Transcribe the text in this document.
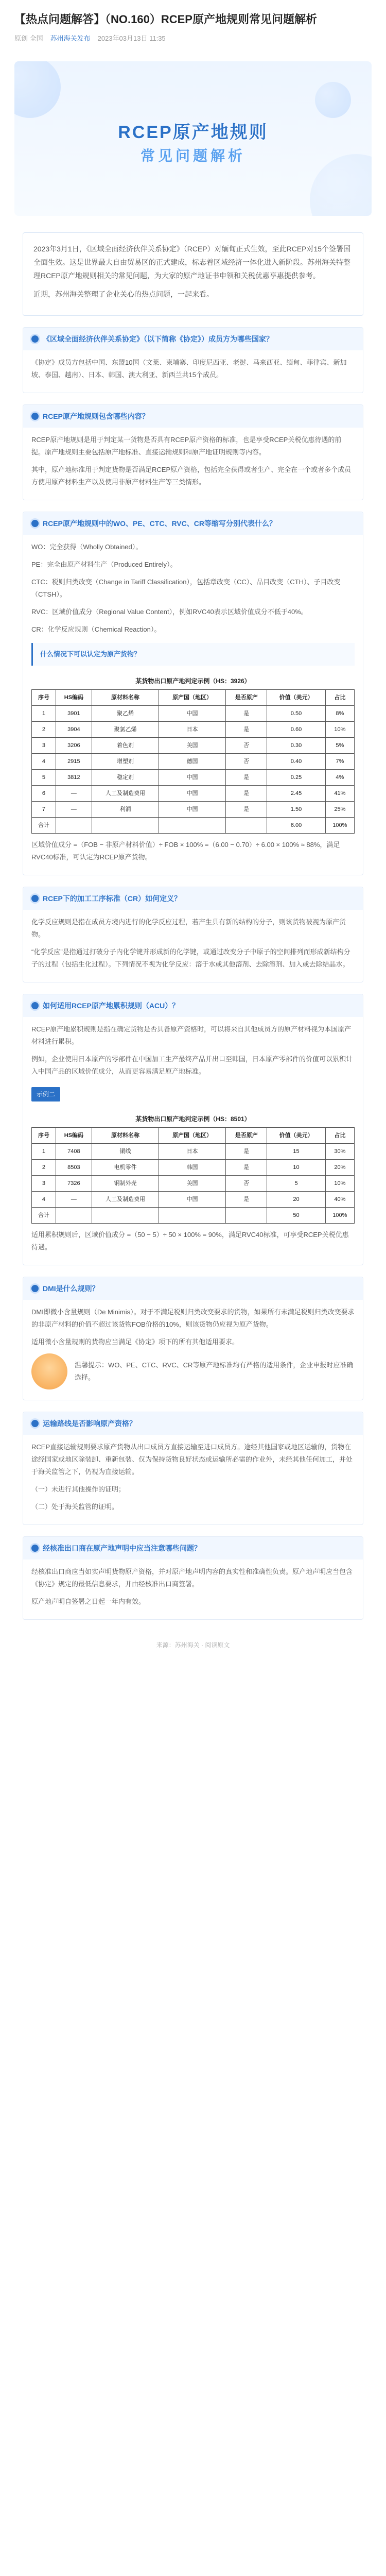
【热点问题解答】（NO.160）RCEP原产地规则常见问题解析
原创 全国 苏州海关发布 2023年03月13日 11:35
RCEP原产地规则
常见问题解析

2023年3月1日，《区域全面经济伙伴关系协定》（RCEP）对缅甸正式生效，至此RCEP对15个签署国全面生效。这是世界最大自由贸易区的正式建成，标志着区域经济一体化进入新阶段。苏州海关特整理RCEP原产地规则相关的常见问题，为大家的原产地证书申领和关税优惠享惠提供参考。

近期，苏州海关整理了企业关心的热点问题，一起来看。

《区域全面经济伙伴关系协定》（以下简称《协定》）成员方为哪些国家？

《协定》成员方包括中国、东盟10国（文莱、柬埔寨、印度尼西亚、老挝、马来西亚、缅甸、菲律宾、新加坡、泰国、越南）、日本、韩国、澳大利亚、新西兰共15个成员。

RCEP原产地规则包含哪些内容？

RCEP原产地规则是用于判定某一货物是否具有RCEP原产资格的标准，也是享受RCEP关税优惠待遇的前提。原产地规则主要包括原产地标准、直接运输规则和原产地证明规则等内容。

其中，原产地标准用于判定货物是否满足RCEP原产资格，包括完全获得或者生产、完全在一个或者多个成员方使用原产材料生产以及使用非原产材料生产等三类情形。

RCEP原产地规则中的WO、PE、CTC、RVC、CR等缩写分别代表什么？

WO：完全获得（Wholly Obtained）。

PE：完全由原产材料生产（Produced Entirely）。

CTC：税则归类改变（Change in Tariff Classification），包括章改变（CC）、品目改变（CTH）、子目改变（CTSH）。

RVC：区域价值成分（Regional Value Content），例如RVC40表示区域价值成分不低于40%。

CR：化学反应规则（Chemical Reaction）。

什么情况下可以认定为原产货物？
某货物出口原产地判定示例（HS：3926）
序号	HS编码	原材料名称	原产国（地区）	是否原产	价值（美元）	占比
1	3901	聚乙烯	中国	是	0.50	8%
2	3904	聚氯乙烯	日本	是	0.60	10%
3	3206	着色剂	美国	否	0.30	5%
4	2915	增塑剂	德国	否	0.40	7%
5	3812	稳定剂	中国	是	0.25	4%
6	—	人工及制造费用	中国	是	2.45	41%
7	—	利润	中国	是	1.50	25%
合计					6.00	100%

区域价值成分 =（FOB − 非原产材料价值）÷ FOB × 100% =（6.00 − 0.70）÷ 6.00 × 100% ≈ 88%，满足RVC40标准，可认定为RCEP原产货物。

RCEP下的加工工序标准（CR）如何定义？

化学反应规则是指在成员方境内进行的化学反应过程，若产生具有新的结构的分子，则该货物被视为原产货物。

“化学反应”是指通过打破分子内化学键并形成新的化学键，或通过改变分子中原子的空间排列而形成新结构分子的过程（包括生化过程）。下列情况不视为化学反应：溶于水或其他溶剂、去除溶剂、加入或去除结晶水。

如何适用RCEP原产地累积规则（ACU）？

RCEP原产地累积规则是指在确定货物是否具备原产资格时，可以将来自其他成员方的原产材料视为本国原产材料进行累积。

例如，企业使用日本原产的零部件在中国加工生产最终产品并出口至韩国，日本原产零部件的价值可以累积计入中国产品的区域价值成分，从而更容易满足原产地标准。

示例二
某货物出口原产地判定示例（HS：8501）
序号	HS编码	原材料名称	原产国（地区）	是否原产	价值（美元）	占比
1	7408	铜线	日本	是	15	30%
2	8503	电机零件	韩国	是	10	20%
3	7326	钢制外壳	美国	否	5	10%
4	—	人工及制造费用	中国	是	20	40%
合计					50	100%

适用累积规则后，区域价值成分 =（50 − 5）÷ 50 × 100% = 90%，满足RVC40标准，可享受RCEP关税优惠待遇。

DMI是什么规则？

DMI即微小含量规则（De Minimis）。对于不满足税则归类改变要求的货物，如果所有未满足税则归类改变要求的非原产材料的价值不超过该货物FOB价格的10%，则该货物仍应视为原产货物。

适用微小含量规则的货物应当满足《协定》项下的所有其他适用要求。

温馨提示：WO、PE、CTC、RVC、CR等原产地标准均有严格的适用条件，企业申报时应准确选择。
运输路线是否影响原产资格？

RCEP直接运输规则要求原产货物从出口成员方直接运输至进口成员方。途经其他国家或地区运输的，货物在途经国家或地区除装卸、重新包装、仅为保持货物良好状态或运输所必需的作业外，未经其他任何加工，并处于海关监管之下，仍视为直接运输。

（一）未进行其他操作的证明；

（二）处于海关监管的证明。

经核准出口商在原产地声明中应当注意哪些问题？

经核准出口商应当如实声明货物原产资格，并对原产地声明内容的真实性和准确性负责。原产地声明应当包含《协定》规定的最低信息要求，并由经核准出口商签署。

原产地声明自签署之日起一年内有效。

来源：苏州海关 · 阅读原文
